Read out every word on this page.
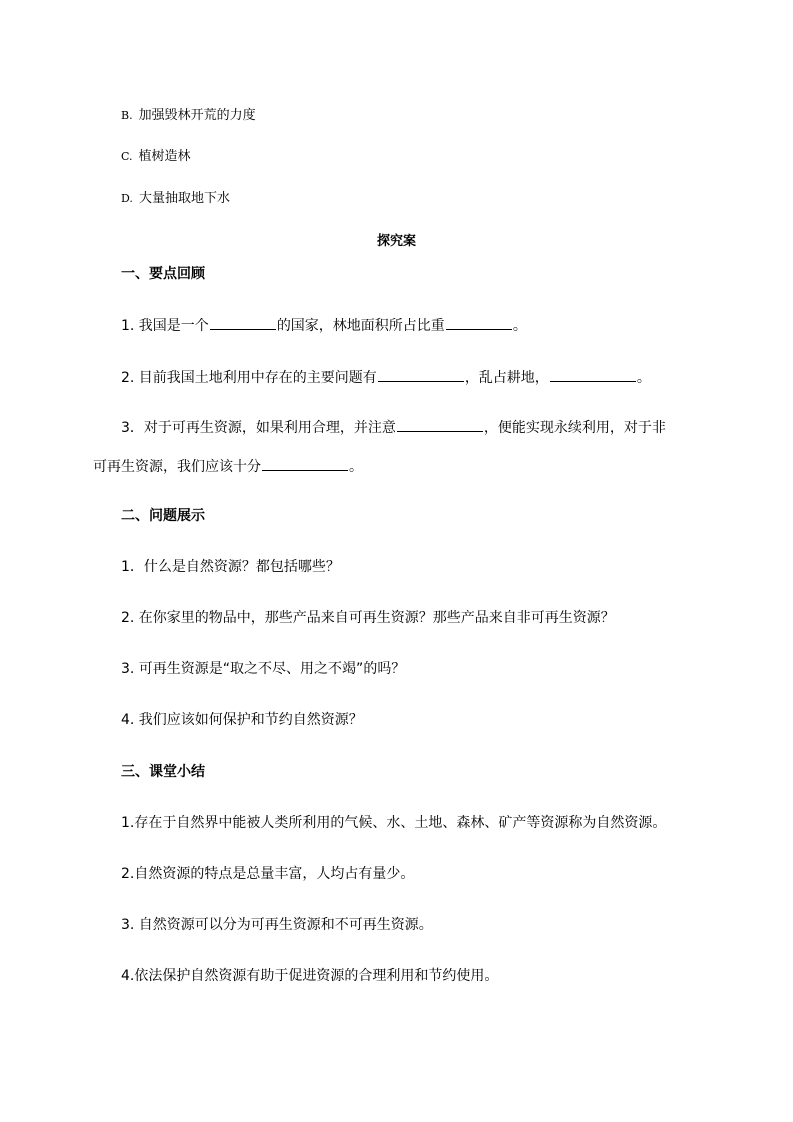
B. 加强毁林开荒的力度
C. 植树造林
D. 大量抽取地下水
探究案
一、要点回顾
1. 我国是一个	的国家，林地面积所占比重	。
2. 目前我国土地利用中存在的主要问题有	，乱占耕地，	。
3．对于可再生资源，如果利用合理，并注意	，便能实现永续利用，对于非
可再生资源，我们应该十分	。
二、问题展示
1．什么是自然资源？都包括哪些？
2. 在你家里的物品中，那些产品来自可再生资源？那些产品来自非可再生资源？
3. 可再生资源是“取之不尽、用之不竭”的吗？
4. 我们应该如何保护和节约自然资源？
三、课堂小结
1.存在于自然界中能被人类所利用的气候、水、土地、森林、矿产等资源称为自然资源。
2.自然资源的特点是总量丰富，人均占有量少。
3. 自然资源可以分为可再生资源和不可再生资源。
4.依法保护自然资源有助于促进资源的合理利用和节约使用。
